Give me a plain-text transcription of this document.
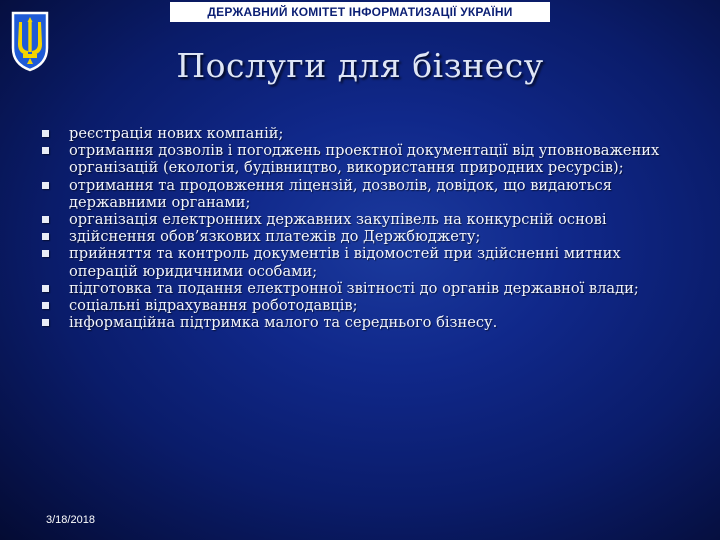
ДЕРЖАВНИЙ КОМІТЕТ ІНФОРМАТИЗАЦІЇ УКРАЇНИ
Послуги для бізнесу
реєстрація нових компаній;
отримання дозволів і погоджень проектної документації від уповноважених організацій (екологія, будівництво, використання природних ресурсів);
отримання та продовження ліцензій, дозволів, довідок, що видаються державними органами;
організація електронних державних закупівель на конкурсній основі
здійснення обов’язкових платежів до Держбюджету;
прийняття та контроль документів і відомостей при здійсненні митних операцій юридичними особами;
підготовка та подання електронної звітності до органів державної влади;
соціальні відрахування роботодавців;
інформаційна підтримка малого та середнього бізнесу.
3/18/2018
